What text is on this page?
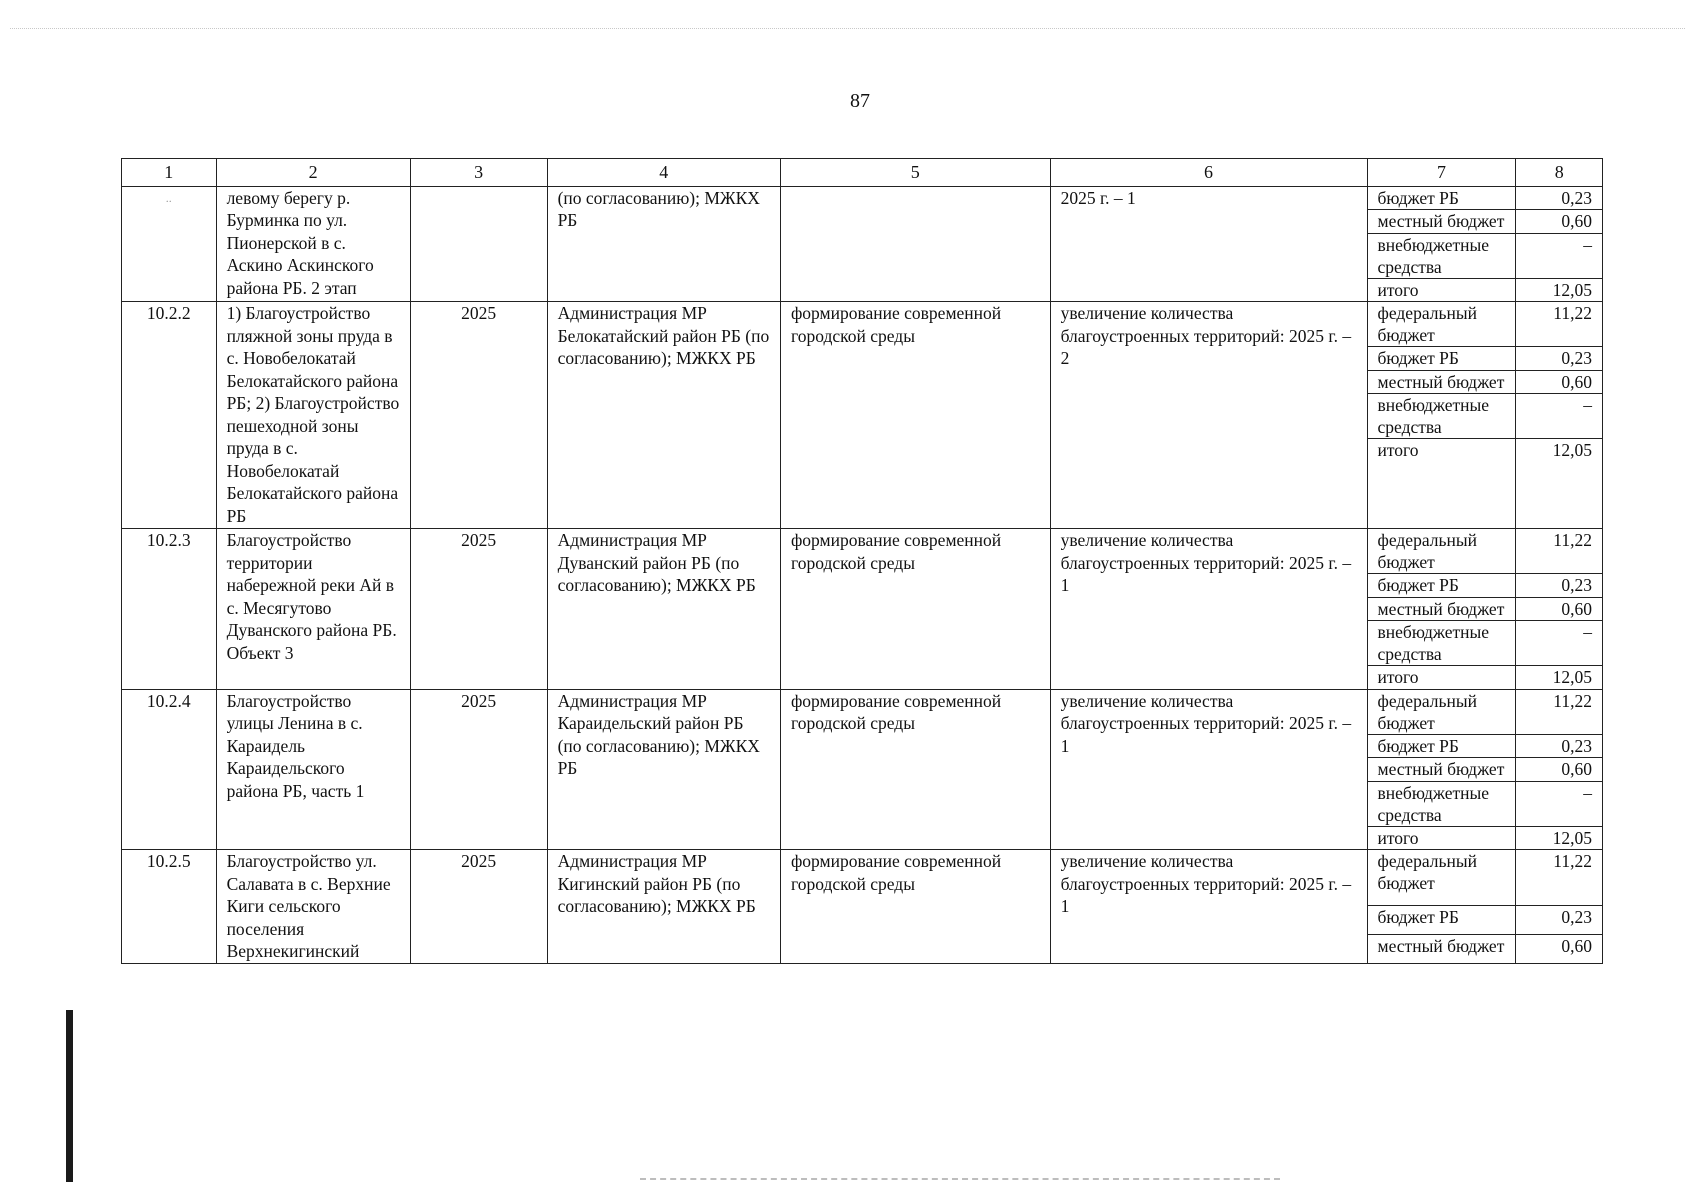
87
1	2	3	4	5	6	7	8
..	левому берегу р. Бурминка по ул. Пионерской в с. Аскино Аскинского района РБ. 2 этап		(по согласованию); МЖКХ РБ		2025 г. – 1	бюджет РБ	0,23
						местный бюджет	0,60
						внебюджетные средства	–
						итого	12,05
10.2.2	1) Благоустройство пляжной зоны пруда в с. Новобелокатай Белокатайского района РБ; 2) Благоустройство пешеходной зоны пруда в с. Новобелокатай Белокатайского района РБ	2025	Администрация МР Белокатайский район РБ (по согласованию); МЖКХ РБ	формирование современной городской среды	увеличение количества благоустроенных территорий: 2025 г. – 2	федеральный бюджет	11,22
						бюджет РБ	0,23
						местный бюджет	0,60
						внебюджетные средства	–
						итого	12,05
10.2.3	Благоустройство территории набережной реки Ай в с. Месягутово Дуванского района РБ. Объект 3	2025	Администрация МР Дуванский район РБ (по согласованию); МЖКХ РБ	формирование современной городской среды	увеличение количества благоустроенных территорий: 2025 г. – 1	федеральный бюджет	11,22
						бюджет РБ	0,23
						местный бюджет	0,60
						внебюджетные средства	–
						итого	12,05
10.2.4	Благоустройство улицы Ленина в с. Караидель Караидельского района РБ, часть 1	2025	Администрация МР Караидельский район РБ (по согласованию); МЖКХ РБ	формирование современной городской среды	увеличение количества благоустроенных территорий: 2025 г. – 1	федеральный бюджет	11,22
						бюджет РБ	0,23
						местный бюджет	0,60
						внебюджетные средства	–
						итого	12,05
10.2.5	Благоустройство ул. Салавата в с. Верхние Киги сельского поселения Верхнекигинский	2025	Администрация МР Кигинский район РБ (по согласованию); МЖКХ РБ	формирование современной городской среды	увеличение количества благоустроенных территорий: 2025 г. – 1	федеральный бюджет	11,22
						бюджет РБ	0,23
						местный бюджет	0,60
